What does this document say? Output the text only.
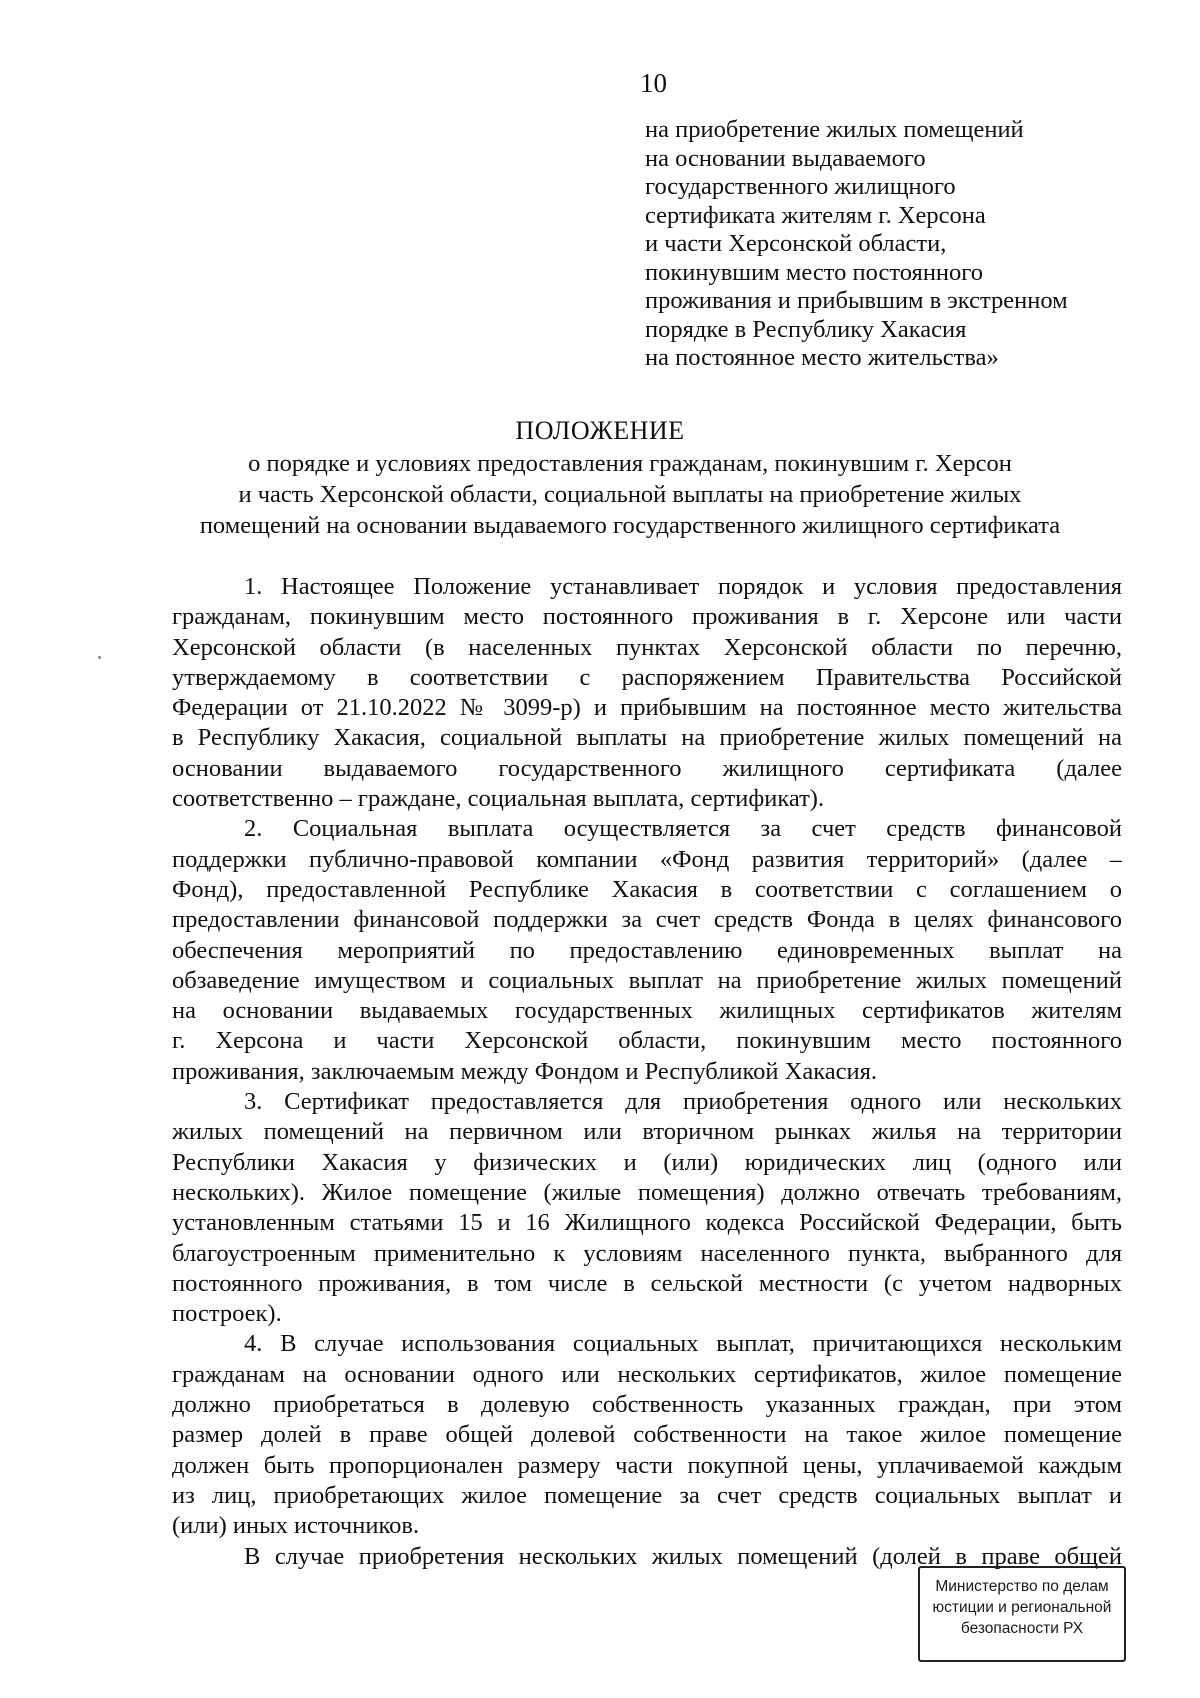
10
на приобретение жилых помещений
на основании выдаваемого
государственного жилищного
сертификата жителям г. Херсона
и части Херсонской области,
покинувшим место постоянного
проживания и прибывшим в экстренном
порядке в Республику Хакасия
на постоянное место жительства»
ПОЛОЖЕНИЕ
о порядке и условиях предоставления гражданам, покинувшим г. Херсон
и часть Херсонской области, социальной выплаты на приобретение жилых
помещений на основании выдаваемого государственного жилищного сертификата
1. Настоящее Положение устанавливает порядок и условия предоставления
гражданам, покинувшим место постоянного проживания в г. Херсоне или части
Херсонской области (в населенных пунктах Херсонской области по перечню,
утверждаемому в соответствии с распоряжением Правительства Российской
Федерации от 21.10.2022 № 3099-р) и прибывшим на постоянное место жительства
в Республику Хакасия, социальной выплаты на приобретение жилых помещений на
основании выдаваемого государственного жилищного сертификата (далее
соответственно – граждане, социальная выплата, сертификат).
2. Социальная выплата осуществляется за счет средств финансовой
поддержки публично-правовой компании «Фонд развития территорий» (далее –
Фонд), предоставленной Республике Хакасия в соответствии с соглашением о
предоставлении финансовой поддержки за счет средств Фонда в целях финансового
обеспечения мероприятий по предоставлению единовременных выплат на
обзаведение имуществом и социальных выплат на приобретение жилых помещений
на основании выдаваемых государственных жилищных сертификатов жителям
г. Херсона и части Херсонской области, покинувшим место постоянного
проживания, заключаемым между Фондом и Республикой Хакасия.
3. Сертификат предоставляется для приобретения одного или нескольких
жилых помещений на первичном или вторичном рынках жилья на территории
Республики Хакасия у физических и (или) юридических лиц (одного или
нескольких). Жилое помещение (жилые помещения) должно отвечать требованиям,
установленным статьями 15 и 16 Жилищного кодекса Российской Федерации, быть
благоустроенным применительно к условиям населенного пункта, выбранного для
постоянного проживания, в том числе в сельской местности (с учетом надворных
построек).
4. В случае использования социальных выплат, причитающихся нескольким
гражданам на основании одного или нескольких сертификатов, жилое помещение
должно приобретаться в долевую собственность указанных граждан, при этом
размер долей в праве общей долевой собственности на такое жилое помещение
должен быть пропорционален размеру части покупной цены, уплачиваемой каждым
из лиц, приобретающих жилое помещение за счет средств социальных выплат и
(или) иных источников.
В случае приобретения нескольких жилых помещений (долей в праве общей
Министерство по делам
юстиции и региональной
безопасности РХ
